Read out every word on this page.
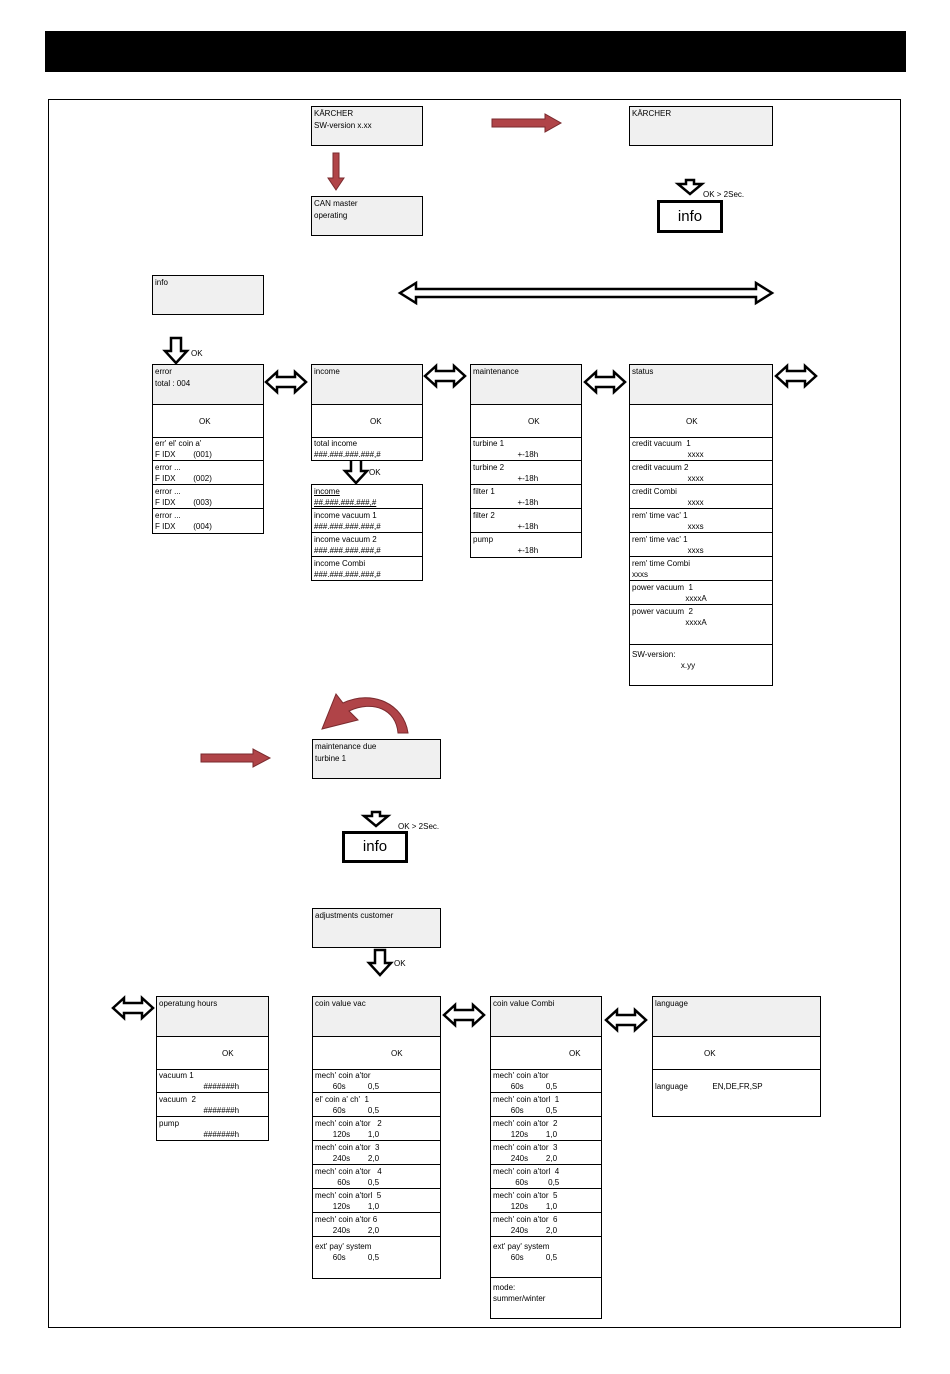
KÄRCHER
SW-version x.xx
KÄRCHER
CAN master
operating
OK > 2Sec.
info
info
OK
error
total : 004
OK
err' el' coin a'
F IDX        (001)
error ...
F IDX        (002)
error ...
F IDX        (003)
error ...
F IDX        (004)
income
OK
total income
###.###.###.###,#
OK
income
##.###.###.###,#
income vacuum 1
###.###.###.###,#
income vacuum 2
###.###.###.###,#
income Combi
###.###.###.###,#
maintenance
OK
turbine 1
+-18h
turbine 2
+-18h
filter 1
+-18h
filter 2
+-18h
pump
+-18h
status
OK
credit vacuum  1
xxxx
credit vacuum 2
xxxx
credit Combi
xxxx
rem' time vac' 1
xxxs
rem' time vac' 1
xxxs
rem' time Combi
xxxs
power vacuum  1
xxxxA
power vacuum  2
xxxxA
SW-version:
x.yy
maintenance due
turbine 1
OK > 2Sec.
info
adjustments customer
OK
operatung hours
OK
vacuum 1
#######h
vacuum  2
#######h
pump
#######h
coin value vac
OK
mech' coin a'tor
60s          0,5
el' coin a' ch'  1
60s          0,5
mech' coin a'tor   2
120s        1,0
mech' coin a'tor  3
240s        2,0
mech' coin a'tor   4
60s        0,5
mech' coin a'torl  5
120s        1,0
mech' coin a'tor 6
240s        2,0
ext' pay' system
60s          0,5
coin value Combi
OK
mech' coin a'tor
60s          0,5
mech' coin a'torl  1
60s          0,5
mech' coin a'tor  2
120s        1,0
mech' coin a'tor  3
240s        2,0
mech' coin a'torl  4
60s         0,5
mech' coin a'tor  5
120s        1,0
mech' coin a'tor  6
240s        2,0
ext' pay' system
60s          0,5
mode:
summer/winter
language
OK
language           EN,DE,FR,SP
